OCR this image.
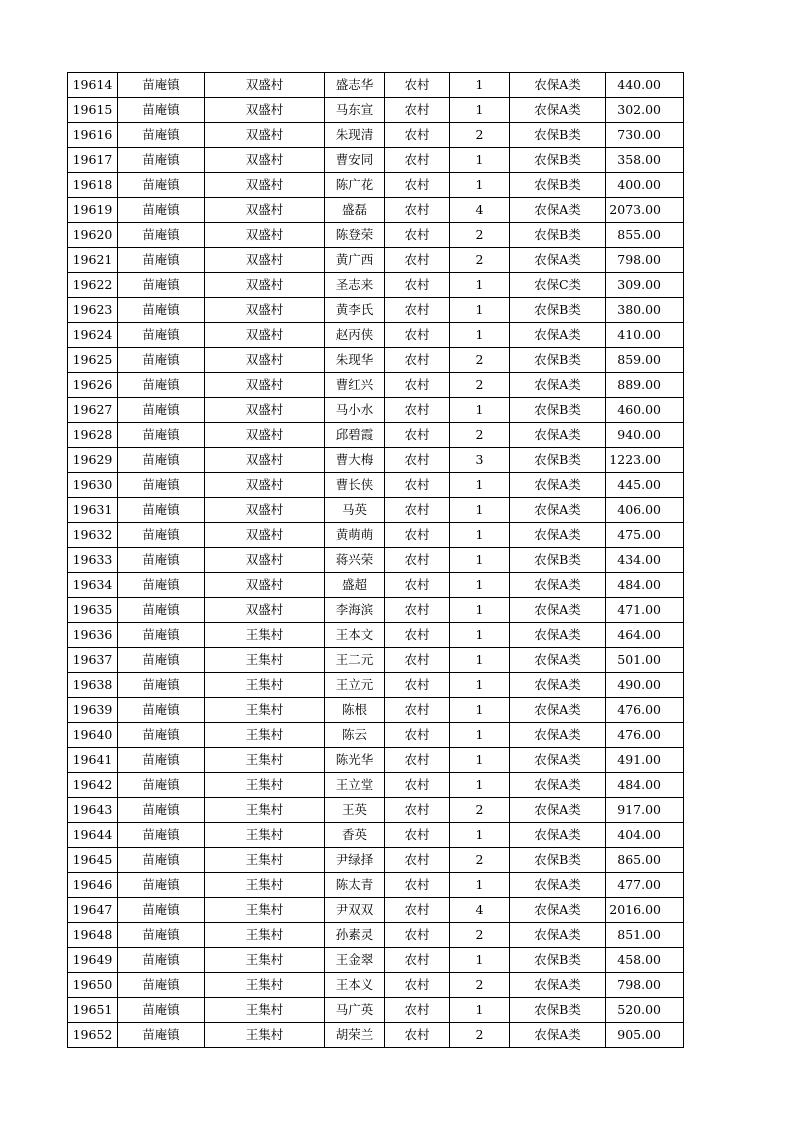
19614	苗庵镇	双盛村	盛志华	农村	1	农保A类	440.00
19615	苗庵镇	双盛村	马东宣	农村	1	农保A类	302.00
19616	苗庵镇	双盛村	朱现清	农村	2	农保B类	730.00
19617	苗庵镇	双盛村	曹安同	农村	1	农保B类	358.00
19618	苗庵镇	双盛村	陈广花	农村	1	农保B类	400.00
19619	苗庵镇	双盛村	盛磊	农村	4	农保A类	2073.00
19620	苗庵镇	双盛村	陈登荣	农村	2	农保B类	855.00
19621	苗庵镇	双盛村	黄广西	农村	2	农保A类	798.00
19622	苗庵镇	双盛村	圣志来	农村	1	农保C类	309.00
19623	苗庵镇	双盛村	黄李氏	农村	1	农保B类	380.00
19624	苗庵镇	双盛村	赵丙侠	农村	1	农保A类	410.00
19625	苗庵镇	双盛村	朱现华	农村	2	农保B类	859.00
19626	苗庵镇	双盛村	曹红兴	农村	2	农保A类	889.00
19627	苗庵镇	双盛村	马小水	农村	1	农保B类	460.00
19628	苗庵镇	双盛村	邱碧霞	农村	2	农保A类	940.00
19629	苗庵镇	双盛村	曹大梅	农村	3	农保B类	1223.00
19630	苗庵镇	双盛村	曹长侠	农村	1	农保A类	445.00
19631	苗庵镇	双盛村	马英	农村	1	农保A类	406.00
19632	苗庵镇	双盛村	黄萌萌	农村	1	农保A类	475.00
19633	苗庵镇	双盛村	蒋兴荣	农村	1	农保B类	434.00
19634	苗庵镇	双盛村	盛超	农村	1	农保A类	484.00
19635	苗庵镇	双盛村	李海滨	农村	1	农保A类	471.00
19636	苗庵镇	王集村	王本文	农村	1	农保A类	464.00
19637	苗庵镇	王集村	王二元	农村	1	农保A类	501.00
19638	苗庵镇	王集村	王立元	农村	1	农保A类	490.00
19639	苗庵镇	王集村	陈根	农村	1	农保A类	476.00
19640	苗庵镇	王集村	陈云	农村	1	农保A类	476.00
19641	苗庵镇	王集村	陈光华	农村	1	农保A类	491.00
19642	苗庵镇	王集村	王立堂	农村	1	农保A类	484.00
19643	苗庵镇	王集村	王英	农村	2	农保A类	917.00
19644	苗庵镇	王集村	香英	农村	1	农保A类	404.00
19645	苗庵镇	王集村	尹绿择	农村	2	农保B类	865.00
19646	苗庵镇	王集村	陈太青	农村	1	农保A类	477.00
19647	苗庵镇	王集村	尹双双	农村	4	农保A类	2016.00
19648	苗庵镇	王集村	孙素灵	农村	2	农保A类	851.00
19649	苗庵镇	王集村	王金翠	农村	1	农保B类	458.00
19650	苗庵镇	王集村	王本义	农村	2	农保A类	798.00
19651	苗庵镇	王集村	马广英	农村	1	农保B类	520.00
19652	苗庵镇	王集村	胡荣兰	农村	2	农保A类	905.00
